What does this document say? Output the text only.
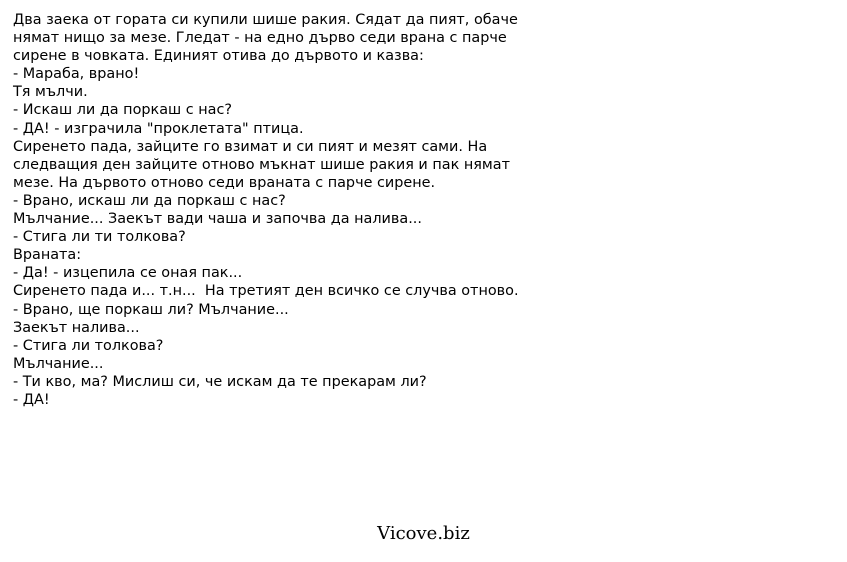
Два заека от гората си купили шише ракия. Сядат да пият, обаче
нямат нищо за мезе. Гледат - на едно дърво седи врана с парче
сирене в човката. Единият отива до дървото и казва:
- Мараба, врано!
Тя мълчи.
- Искаш ли да поркаш с нас?
- ДА! - изграчила "проклетата" птица.
Сиренето пада, зайците го взимат и си пият и мезят сами. На
следващия ден зайците отново мъкнат шише ракия и пак нямат
мезе. На дървото отново седи враната с парче сирене.
- Врано, искаш ли да поркаш с нас?
Мълчание... Заекът вади чаша и започва да налива...
- Стига ли ти толкова?
Враната:
- Да! - изцепила се оная пак...
Сиренето пада и... т.н...  На третият ден всичко се случва отново.
- Врано, ще поркаш ли? Мълчание...
Заекът налива...
- Стига ли толкова?
Мълчание...
- Ти кво, ма? Мислиш си, че искам да те прекарам ли?
- ДА!
Vicove.biz
